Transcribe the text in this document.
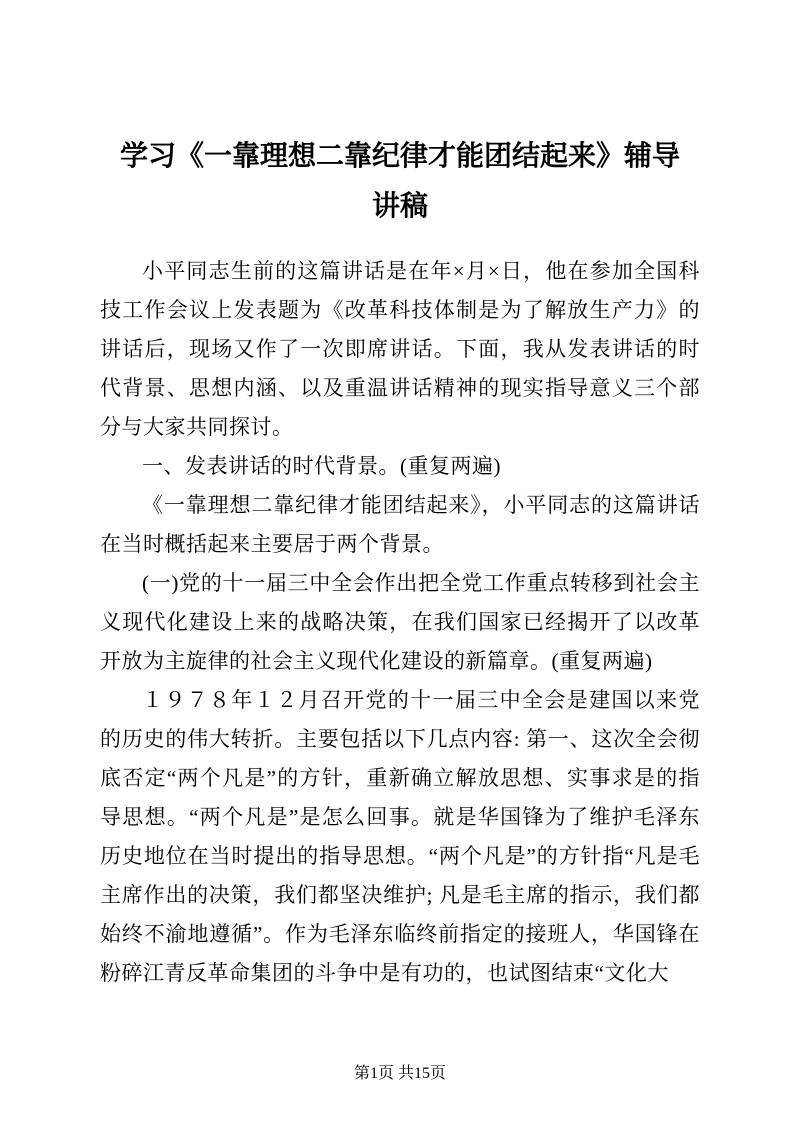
学习《一靠理想二靠纪律才能团结起来》辅导
讲稿

小平同志生前的这篇讲话是在年×月×日，他在参加全国科技工作会议上发表题为《改革科技体制是为了解放生产力》的讲话后，现场又作了一次即席讲话。下面，我从发表讲话的时代背景、思想内涵、以及重温讲话精神的现实指导意义三个部分与大家共同探讨。

一、发表讲话的时代背景。(重复两遍)

《一靠理想二靠纪律才能团结起来》，小平同志的这篇讲话在当时概括起来主要居于两个背景。

(一)党的十一届三中全会作出把全党工作重点转移到社会主义现代化建设上来的战略决策，在我们国家已经揭开了以改革开放为主旋律的社会主义现代化建设的新篇章。(重复两遍)

１９７８年１２月召开党的十一届三中全会是建国以来党的历史的伟大转折。主要包括以下几点内容: 第一、这次全会彻底否定“两个凡是”的方针，重新确立解放思想、实事求是的指导思想。“两个凡是”是怎么回事。就是华国锋为了维护毛泽东历史地位在当时提出的指导思想。“两个凡是”的方针指“凡是毛主席作出的决策，我们都坚决维护; 凡是毛主席的指示，我们都始终不渝地遵循”。作为毛泽东临终前指定的接班人，华国锋在粉碎江青反革命集团的斗争中是有功的，也试图结束“文化大

第1页 共15页
